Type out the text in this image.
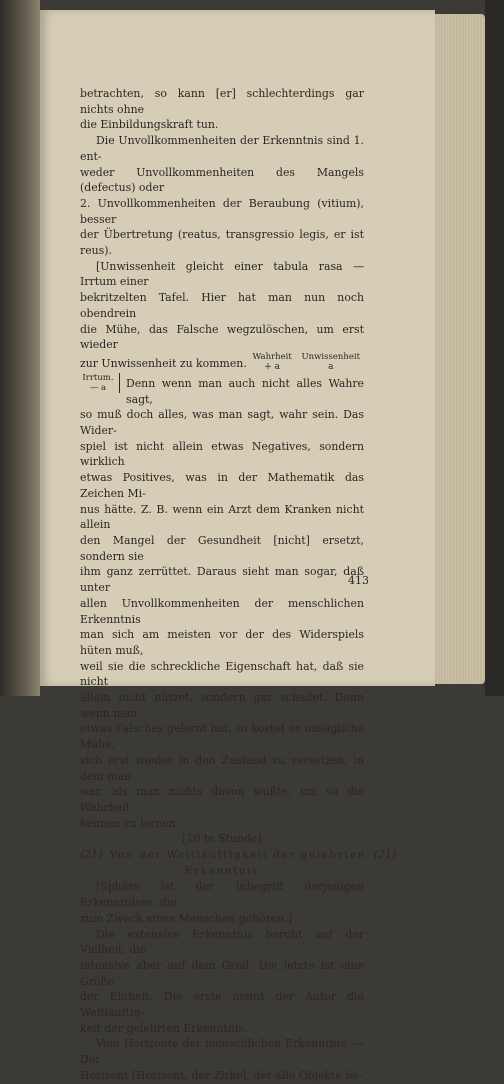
betrachten, so kann [er] schlechterdings gar nichts ohne

die Einbildungskraft tun.

Die Unvollkommenheiten der Erkenntnis sind 1. ent-

weder Unvollkommenheiten des Mangels (defectus) oder

2. Unvollkommenheiten der Beraubung (vitium), besser

der Übertretung (reatus, transgressio legis, er ist reus).

[Unwissenheit gleicht einer tabula rasa — Irrtum einer

bekritzelten Tafel. Hier hat man nun noch obendrein

die Mühe, das Falsche wegzulöschen, um erst wieder

zur Unwissenheit zu kommen.
Wahrheit
+ a
Unwissenheit
a
Irrtum.
— a Denn wenn man auch nicht alles Wahre sagt,

so muß doch alles, was man sagt, wahr sein. Das Wider-

spiel ist nicht allein etwas Negatives, sondern wirklich

etwas Positives, was in der Mathematik das Zeichen Mi-

nus hätte. Z. B. wenn ein Arzt dem Kranken nicht allein

den Mangel der Gesundheit [nicht] ersetzt, sondern sie

ihm ganz zerrüttet. Daraus sieht man sogar, daß unter

allen Unvollkommenheiten der menschlichen Erkenntnis

man sich am meisten vor der des Widerspiels hüten muß,

weil sie die schreckliche Eigenschaft hat, daß sie nicht

allein nicht nützet, sondern gar schadet. Denn wenn man

etwas Falsches gelernt hat, so kostet es unsägliche Mühe,

sich erst wieder in den Zustand zu versetzen, in dem man

war, als man nichts davon wußte, um so die Wahrheit

kennen zu lernen.

[10 te Stunde]

(21) Von der Weitläuftigkeit der gelehrten (21)

Erkenntnis

[Sphäre ist der Inbegriff derjenigen Erkenntnisse, die

zum Zweck eines Menschen gehören.]

Die extensive Erkenntnis beruht auf der Vielheit, die

intensive aber auf dem Grad. Die letzte ist eine Größe

der Einheit. Die erste nennt der Autor die Weitläuftig-

keit der gelehrten Erkenntnis.

Vom Horizonte der menschlichen Erkenntnis. — Der

Horizont [Horizont, der Zirkel, der alle Objekte be-

413
